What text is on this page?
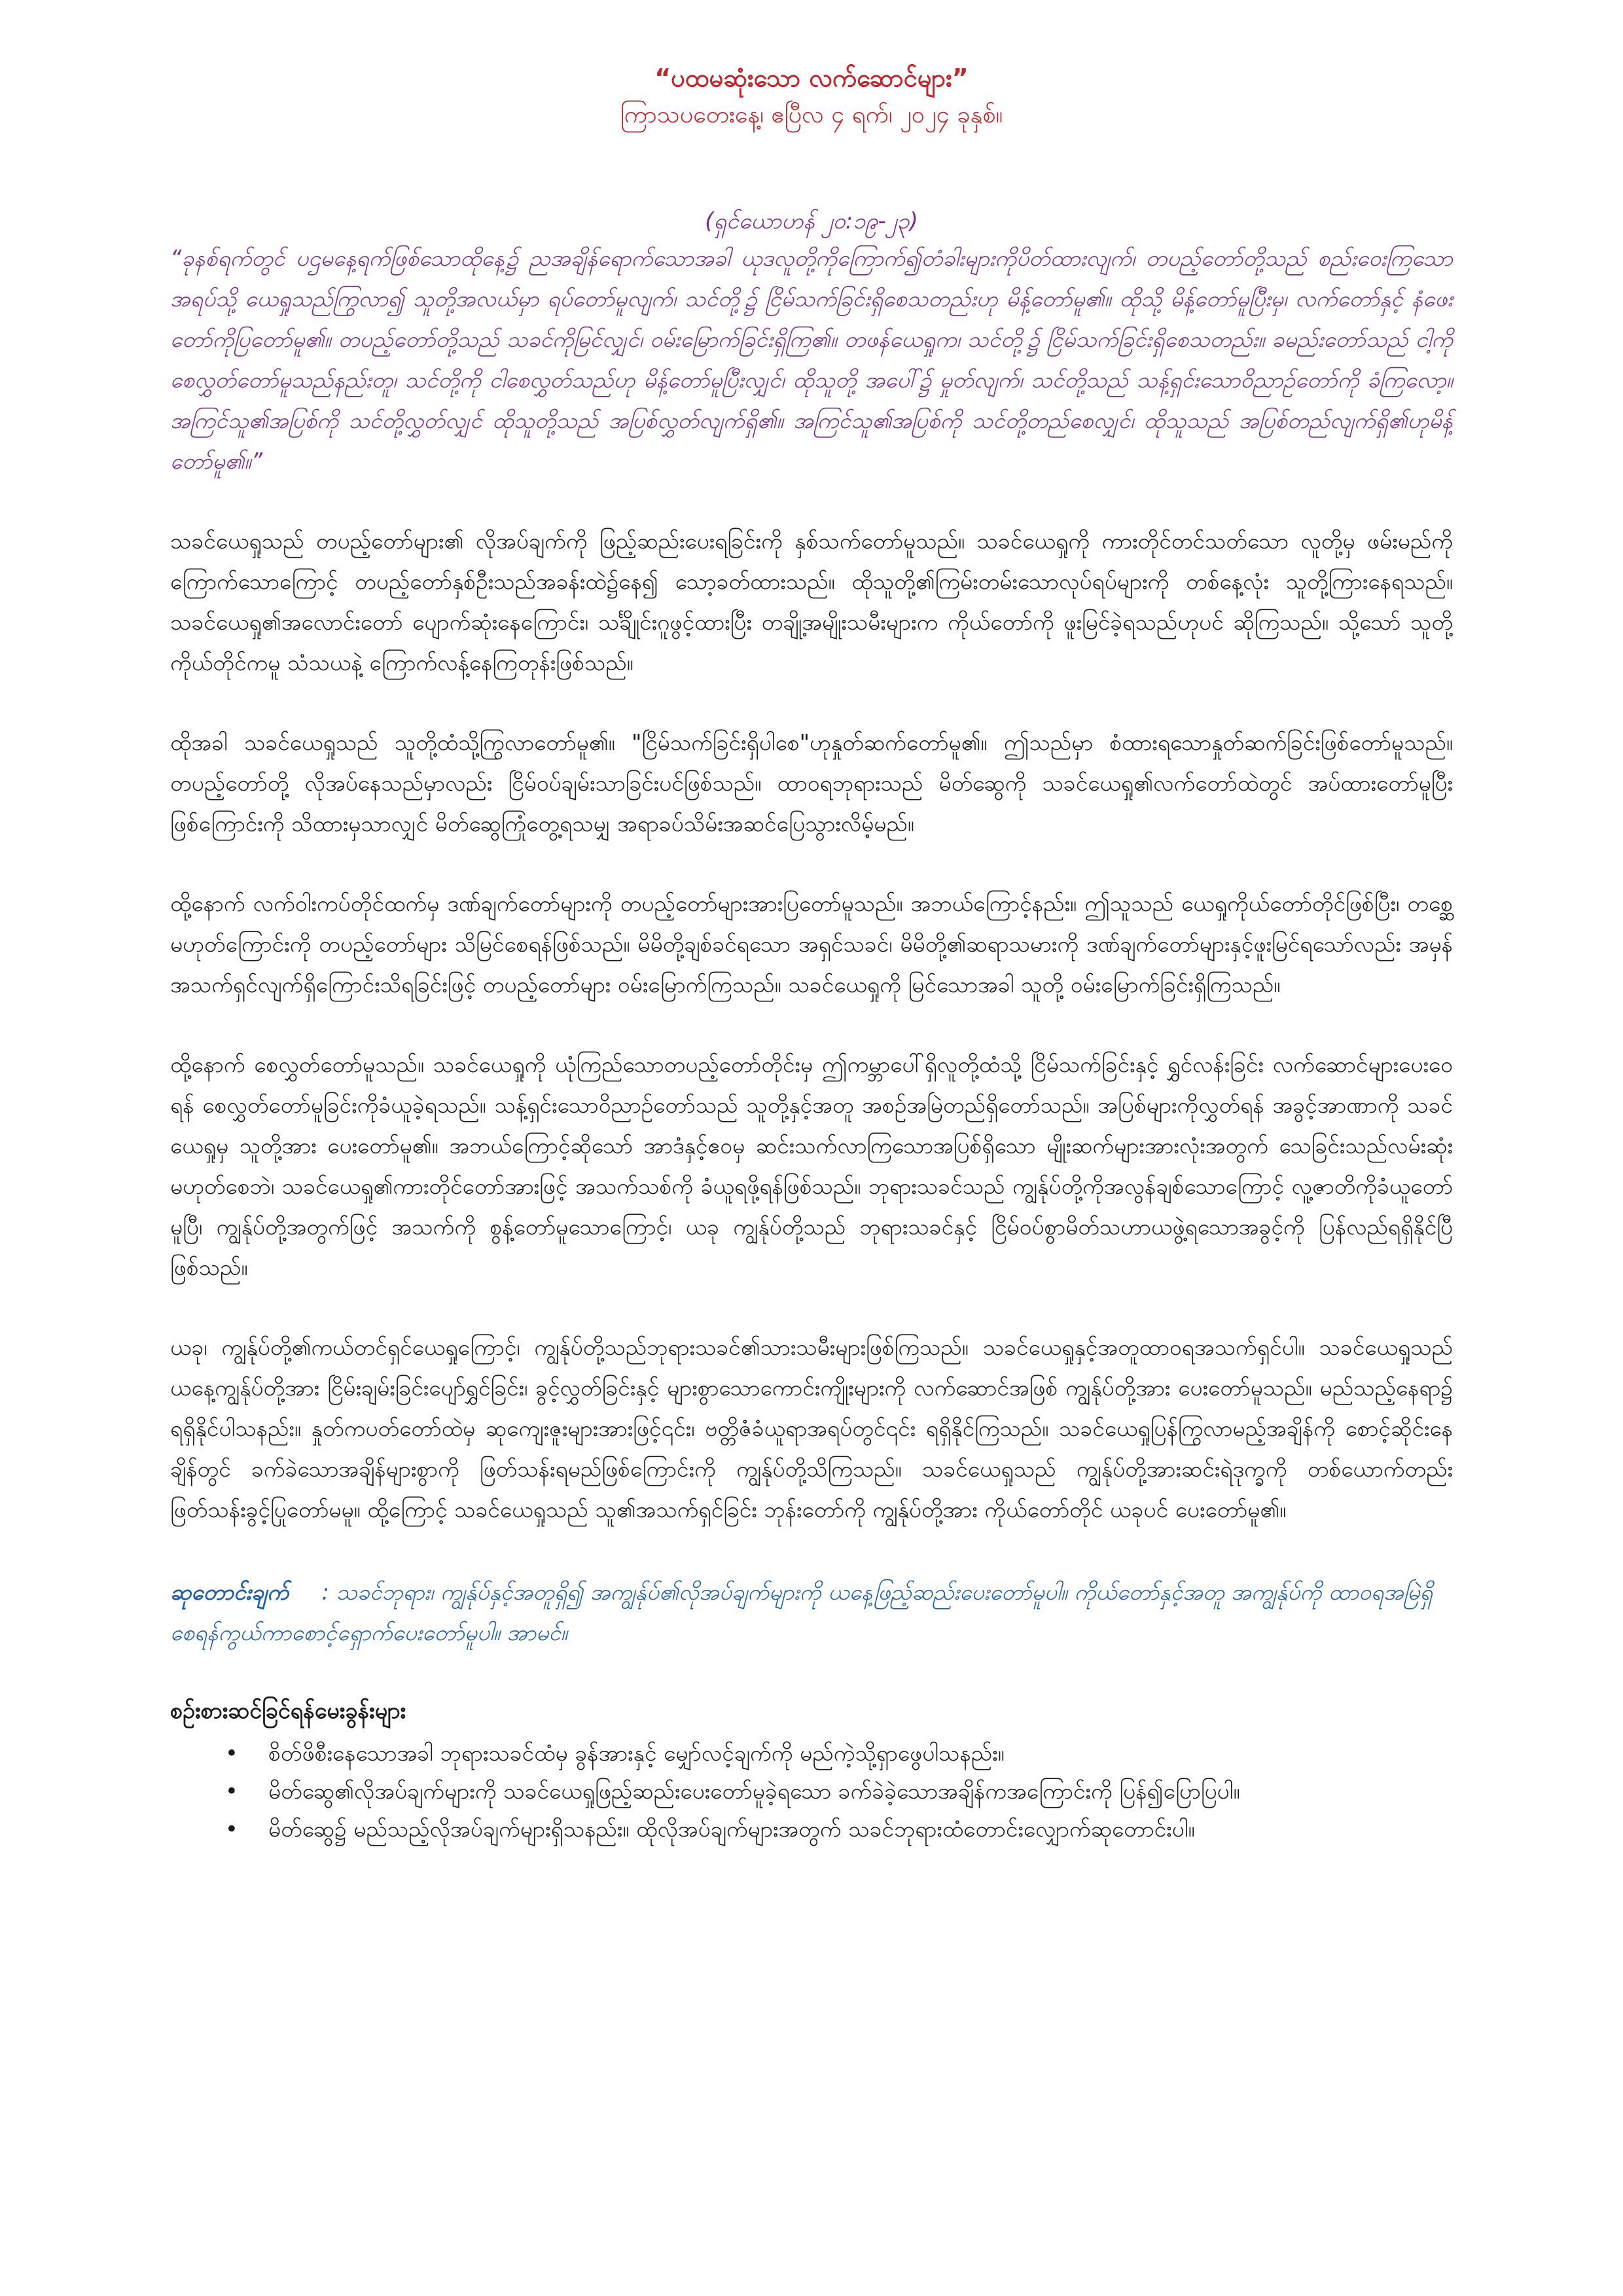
“ပထမဆုံးသော လက်ဆောင်များ”

ကြာသပတေးနေ့၊ ဧပြီလ ၄ ရက်၊ ၂၀၂၄ ခုနှစ်။

(ရှင်ယောဟန် ၂၀:၁၉-၂၃)

“ခုနစ်ရက်တွင် ပဌမနေ့ရက်ဖြစ်သောထိုနေ့၌ ညအချိန်ရောက်သောအခါ ယုဒလူတို့ကိုကြောက်၍တံခါးများကိုပိတ်ထားလျက်၊ တပည့်တော်တို့သည် စည်းဝေးကြသောအရပ်သို့ ယေရှုသည်ကြွလာ၍ သူတို့အလယ်မှာ ရပ်တော်မူလျက်၊ သင်တို့၌ ငြိမ်သက်ခြင်းရှိစေသတည်းဟု မိန့်တော်မူ၏။ ထိုသို့ မိန့်တော်မူပြီးမှ၊ လက်တော်နှင့် နံဖေးတော်ကိုပြတော်မူ၏။ တပည့်တော်တို့သည် သခင်ကိုမြင်လျှင်၊ ဝမ်းမြောက်ခြင်းရှိကြ၏။ တဖန်ယေရှုက၊ သင်တို့၌ ငြိမ်သက်ခြင်းရှိစေသတည်း။ ခမည်းတော်သည် ငါ့ကိုစေလွှတ်တော်မူသည်နည်းတူ၊ သင်တို့ကို ငါစေလွှတ်သည်ဟု မိန့်တော်မူပြီးလျှင်၊ ထိုသူတို့ အပေါ်၌ မှုတ်လျက်၊ သင်တို့သည် သန့်ရှင်းသောဝိညာဉ်တော်ကို ခံကြလော့။ အကြင်သူ၏အပြစ်ကို သင်တို့လွှတ်လျှင် ထိုသူတို့သည် အပြစ်လွှတ်လျက်ရှိ၏။ အကြင်သူ၏အပြစ်ကို သင်တို့တည်စေလျှင်၊ ထိုသူသည် အပြစ်တည်လျက်ရှိ၏ဟုမိန့်တော်မူ၏။”

သခင်ယေရှုသည် တပည့်တော်များ၏ လိုအပ်ချက်ကို ဖြည့်ဆည်းပေးရခြင်းကို နှစ်သက်တော်မူသည်။ သခင်ယေရှုကို ကားတိုင်တင်သတ်သော လူတို့မှ ဖမ်းမည်ကိုကြောက်သောကြောင့် တပည့်တော်နှစ်ဦးသည်အခန်းထဲ၌နေ၍ သော့ခတ်ထားသည်။ ထိုသူတို့၏ကြမ်းတမ်းသောလုပ်ရပ်များကို တစ်နေ့လုံး သူတို့ကြားနေရသည်။ သခင်ယေရှု၏အလောင်းတော် ပျောက်ဆုံးနေကြောင်း၊ သင်္ချိုင်းဂူဖွင့်ထားပြီး တချို့အမျိုးသမီးများက ကိုယ်တော်ကို ဖူးမြင်ခဲ့ရသည်ဟုပင် ဆိုကြသည်။ သို့သော် သူတို့ကိုယ်တိုင်ကမူ သံသယနဲ့ ကြောက်လန့်နေကြတုန်းဖြစ်သည်။

ထိုအခါ သခင်ယေရှုသည် သူတို့ထံသို့ကြွလာတော်မူ၏။ "ငြိမ်သက်ခြင်းရှိပါစေ"ဟုနှုတ်ဆက်တော်မူ၏။ ဤသည်မှာ စံထားရသောနှုတ်ဆက်ခြင်းဖြစ်တော်မူသည်။ တပည့်တော်တို့ လိုအပ်နေသည်မှာလည်း ငြိမ်ဝပ်ချမ်းသာခြင်းပင်ဖြစ်သည်။ ထာဝရဘုရားသည် မိတ်ဆွေကို သခင်ယေရှု၏လက်တော်ထဲတွင် အပ်ထားတော်မူပြီးဖြစ်ကြောင်းကို သိထားမှသာလျှင် မိတ်ဆွေကြုံတွေ့ရသမျှ အရာခပ်သိမ်းအဆင်ပြေသွားလိမ့်မည်။

ထို့နောက် လက်ဝါးကပ်တိုင်ထက်မှ ဒဏ်ချက်တော်များကို တပည့်တော်များအားပြတော်မူသည်။ အဘယ်ကြောင့်နည်း။ ဤသူသည် ယေရှုကိုယ်တော်တိုင်ဖြစ်ပြီး၊ တစ္ဆေမဟုတ်ကြောင်းကို တပည့်တော်များ သိမြင်စေရန်ဖြစ်သည်။ မိမိတို့ချစ်ခင်ရသော အရှင်သခင်၊ မိမိတို့၏ဆရာသမားကို ဒဏ်ချက်တော်များနှင့်ဖူးမြင်ရသော်လည်း အမှန်အသက်ရှင်လျက်ရှိကြောင်းသိရခြင်းဖြင့် တပည့်တော်များ ဝမ်းမြောက်ကြသည်။ သခင်ယေရှုကို မြင်သောအခါ သူတို့ ဝမ်းမြောက်ခြင်းရှိကြသည်။

ထို့နောက် စေလွှတ်တော်မူသည်။ သခင်ယေရှုကို ယုံကြည်သောတပည့်တော်တိုင်းမှ ဤကမ္ဘာပေါ်ရှိလူတို့ထံသို့ ငြိမ်သက်ခြင်းနှင့် ရွှင်လန်းခြင်း လက်ဆောင်များပေးဝေရန် စေလွှတ်တော်မူခြင်းကိုခံယူခဲ့ရသည်။ သန့်ရှင်းသောဝိညာဉ်တော်သည် သူတို့နှင့်အတူ အစဉ်အမြဲတည်ရှိတော်သည်။ အပြစ်များကိုလွှတ်ရန် အခွင့်အာဏာကို သခင်ယေရှုမှ သူတို့အား ပေးတော်မူ၏။ အဘယ်ကြောင့်ဆိုသော် အာဒံနှင့်ဧဝမှ ဆင်းသက်လာကြသောအပြစ်ရှိသော မျိုးဆက်များအားလုံးအတွက် သေခြင်းသည်လမ်းဆုံးမဟုတ်စေဘဲ၊ သခင်ယေရှု၏ကားတိုင်တော်အားဖြင့် အသက်သစ်ကို ခံယူရဖို့ရန်ဖြစ်သည်။ ဘုရားသခင်သည် ကျွန်ုပ်တို့ကိုအလွန်ချစ်သောကြောင့် လူ့ဇာတိကိုခံယူတော်မူပြီ၊ ကျွန်ုပ်တို့အတွက်ဖြင့် အသက်ကို စွန့်တော်မူသောကြောင့်၊ ယခု ကျွန်ုပ်တို့သည် ဘုရားသခင်နှင့် ငြိမ်ဝပ်စွာမိတ်သဟာယဖွဲ့ရသောအခွင့်ကို ပြန်လည်ရရှိနိုင်ပြီဖြစ်သည်။

ယခု၊ ကျွန်ုပ်တို့၏ကယ်တင်ရှင်ယေရှုကြောင့်၊ ကျွန်ုပ်တို့သည်ဘုရားသခင်၏သားသမီးများဖြစ်ကြသည်။ သခင်ယေရှုနှင့်အတူထာဝရအသက်ရှင်ပါ။ သခင်ယေရှုသည် ယနေ့ကျွန်ုပ်တို့အား ငြိမ်းချမ်းခြင်းပျော်ရွှင်ခြင်း၊ ခွင့်လွှတ်ခြင်းနှင့် များစွာသောကောင်းကျိုးများကို လက်ဆောင်အဖြစ် ကျွန်ုပ်တို့အား ပေးတော်မူသည်။ မည်သည့်နေရာ၌ ရရှိနိုင်ပါသနည်း။ နှုတ်ကပတ်တော်ထဲမှ ဆုကျေးဇူးများအားဖြင့်၎င်း၊ ဗတ္တိဇံခံယူရာအရပ်တွင်၎င်း ရရှိနိုင်ကြသည်။ သခင်ယေရှုပြန်ကြွလာမည့်အချိန်ကို စောင့်ဆိုင်းနေချိန်တွင် ခက်ခဲသောအချိန်များစွာကို ဖြတ်သန်းရမည်ဖြစ်ကြောင်းကို ကျွန်ုပ်တို့သိကြသည်။ သခင်ယေရှုသည် ကျွန်ုပ်တို့အားဆင်းရဲဒုက္ခကို တစ်ယောက်တည်း ဖြတ်သန်းခွင့်ပြုတော်မမူ။ ထို့ကြောင့် သခင်ယေရှုသည် သူ၏အသက်ရှင်ခြင်း ဘုန်းတော်ကို ကျွန်ုပ်တို့အား ကိုယ်တော်တိုင် ယခုပင် ပေးတော်မူ၏။

ဆုတောင်းချက် : သခင်ဘုရား၊ ကျွန်ုပ်နှင့်အတူရှိ၍ အကျွန်ုပ်၏လိုအပ်ချက်များကို ယနေ့ဖြည့်ဆည်းပေးတော်မူပါ။ ကိုယ်တော်နှင့်အတူ အကျွန်ုပ်ကို ထာဝရအမြဲရှိစေရန်ကွယ်ကာစောင့်ရှောက်ပေးတော်မူပါ။ အာမင်။

စဉ်းစားဆင်ခြင်ရန်မေးခွန်းများ

• စိတ်ဖိစီးနေသောအခါ ဘုရားသခင်ထံမှ ခွန်အားနှင့် မျှော်လင့်ချက်ကို မည်ကဲ့သို့ရှာဖွေပါသနည်း။
• မိတ်ဆွေ၏လိုအပ်ချက်များကို သခင်ယေရှုဖြည့်ဆည်းပေးတော်မူခဲ့ရသော ခက်ခဲခဲ့သောအချိန်ကအကြောင်းကို ပြန်၍ပြောပြပါ။
• မိတ်ဆွေ၌ မည်သည့်လိုအပ်ချက်များရှိသနည်း။ ထိုလိုအပ်ချက်များအတွက် သခင်ဘုရားထံတောင်းလျှောက်ဆုတောင်းပါ။
